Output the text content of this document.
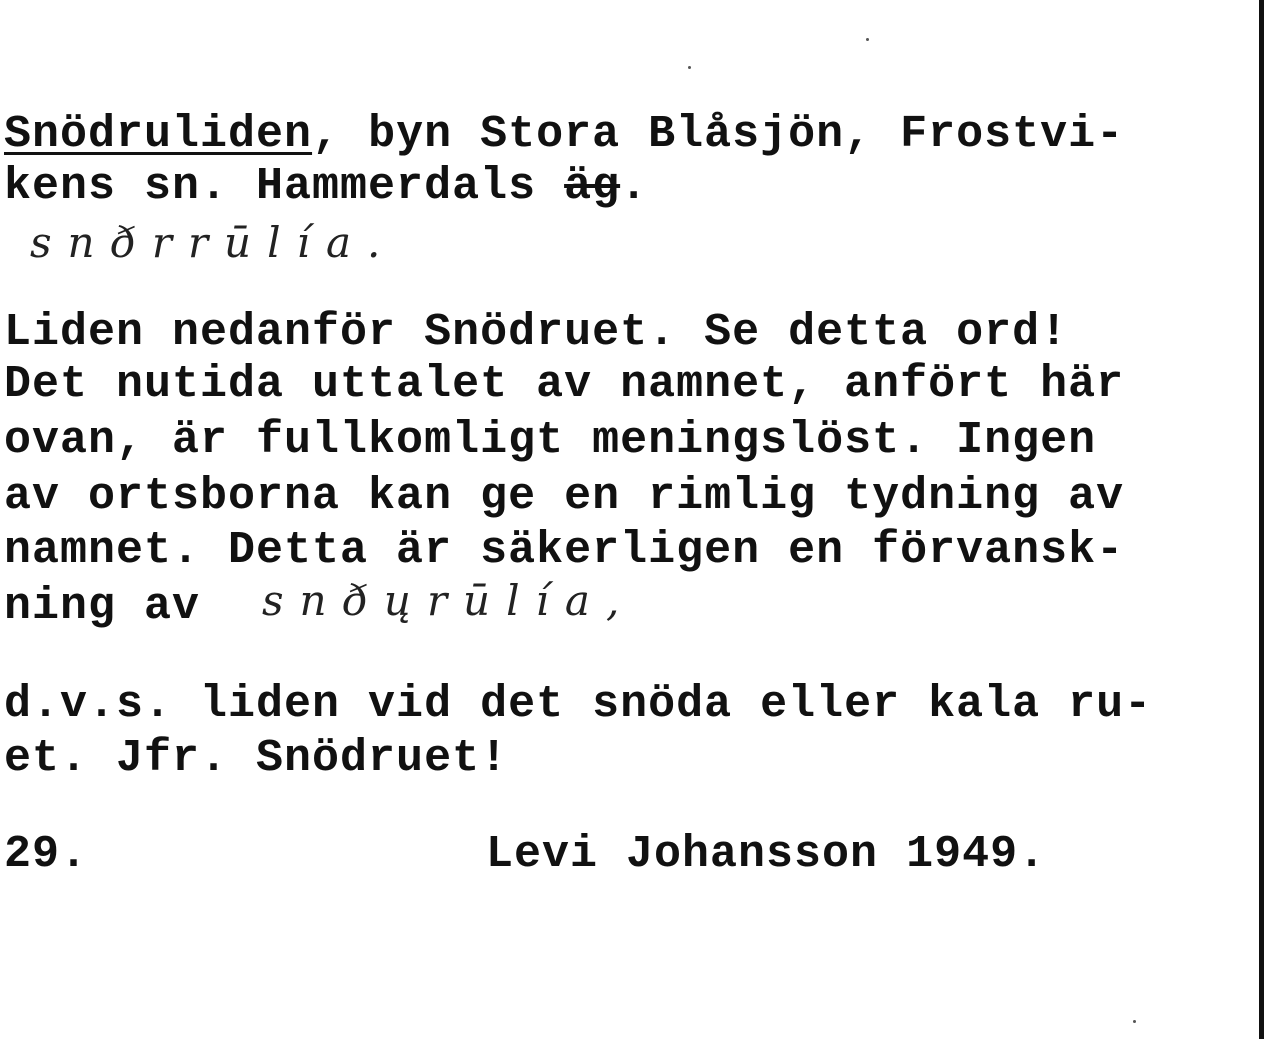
Snödruliden, byn Stora Blåsjön, Frostvi-
kens sn. Hammerdals äg.
snðrrūlía.
Liden nedanför Snödruet. Se detta ord!
Det nutida uttalet av namnet, anfört här
ovan, är fullkomligt meningslöst. Ingen
av ortsborna kan ge en rimlig tydning av
namnet. Detta är säkerligen en förvansk-
ning av snðųrūlía,
d.v.s. liden vid det snöda eller kala ru-
et. Jfr. Snödruet!
29.	Levi Johansson 1949.
